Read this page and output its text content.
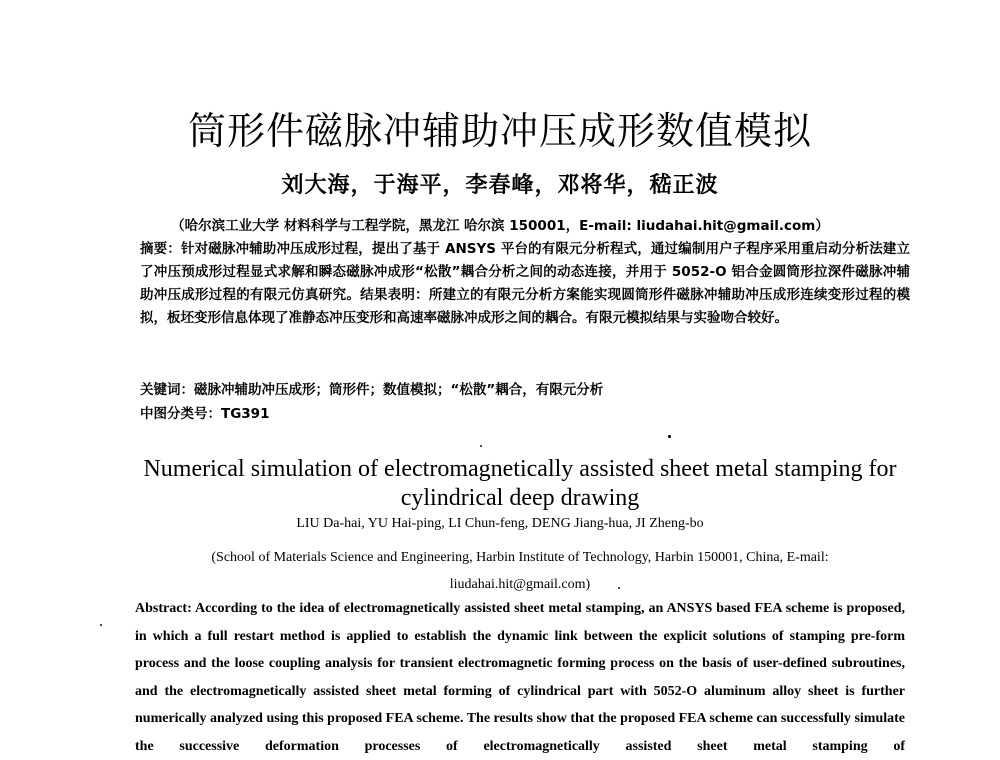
筒形件磁脉冲辅助冲压成形数值模拟
刘大海，于海平，李春峰，邓将华，嵇正波
（哈尔滨工业大学 材料科学与工程学院，黑龙江 哈尔滨 150001，E-mail: liudahai.hit@gmail.com）
摘要：针对磁脉冲辅助冲压成形过程，提出了基于 ANSYS 平台的有限元分析程式，通过编制用户子程序采用重启动分析法建立了冲压预成形过程显式求解和瞬态磁脉冲成形“松散”耦合分析之间的动态连接，并用于 5052-O 铝合金圆筒形拉深件磁脉冲辅助冲压成形过程的有限元仿真研究。结果表明：所建立的有限元分析方案能实现圆筒形件磁脉冲辅助冲压成形连续变形过程的模拟，板坯变形信息体现了准静态冲压变形和高速率磁脉冲成形之间的耦合。有限元模拟结果与实验吻合较好。
关键词：磁脉冲辅助冲压成形；筒形件；数值模拟；“松散”耦合，有限元分析
中图分类号：TG391
Numerical simulation of electromagnetically assisted sheet metal stamping for cylindrical deep drawing
LIU Da-hai, YU Hai-ping, LI Chun-feng, DENG Jiang-hua, JI Zheng-bo
(School of Materials Science and Engineering, Harbin Institute of Technology, Harbin 150001, China, E-mail: liudahai.hit@gmail.com)
Abstract: According to the idea of electromagnetically assisted sheet metal stamping, an ANSYS based FEA scheme is proposed, in which a full restart method is applied to establish the dynamic link between the explicit solutions of stamping pre-form process and the loose coupling analysis for transient electromagnetic forming process on the basis of user-defined subroutines, and the electromagnetically assisted sheet metal forming of cylindrical part with 5052-O aluminum alloy sheet is further numerically analyzed using this proposed FEA scheme. The results show that the proposed FEA scheme can successfully simulate the successive deformation processes of electromagnetically assisted sheet metal stamping of
